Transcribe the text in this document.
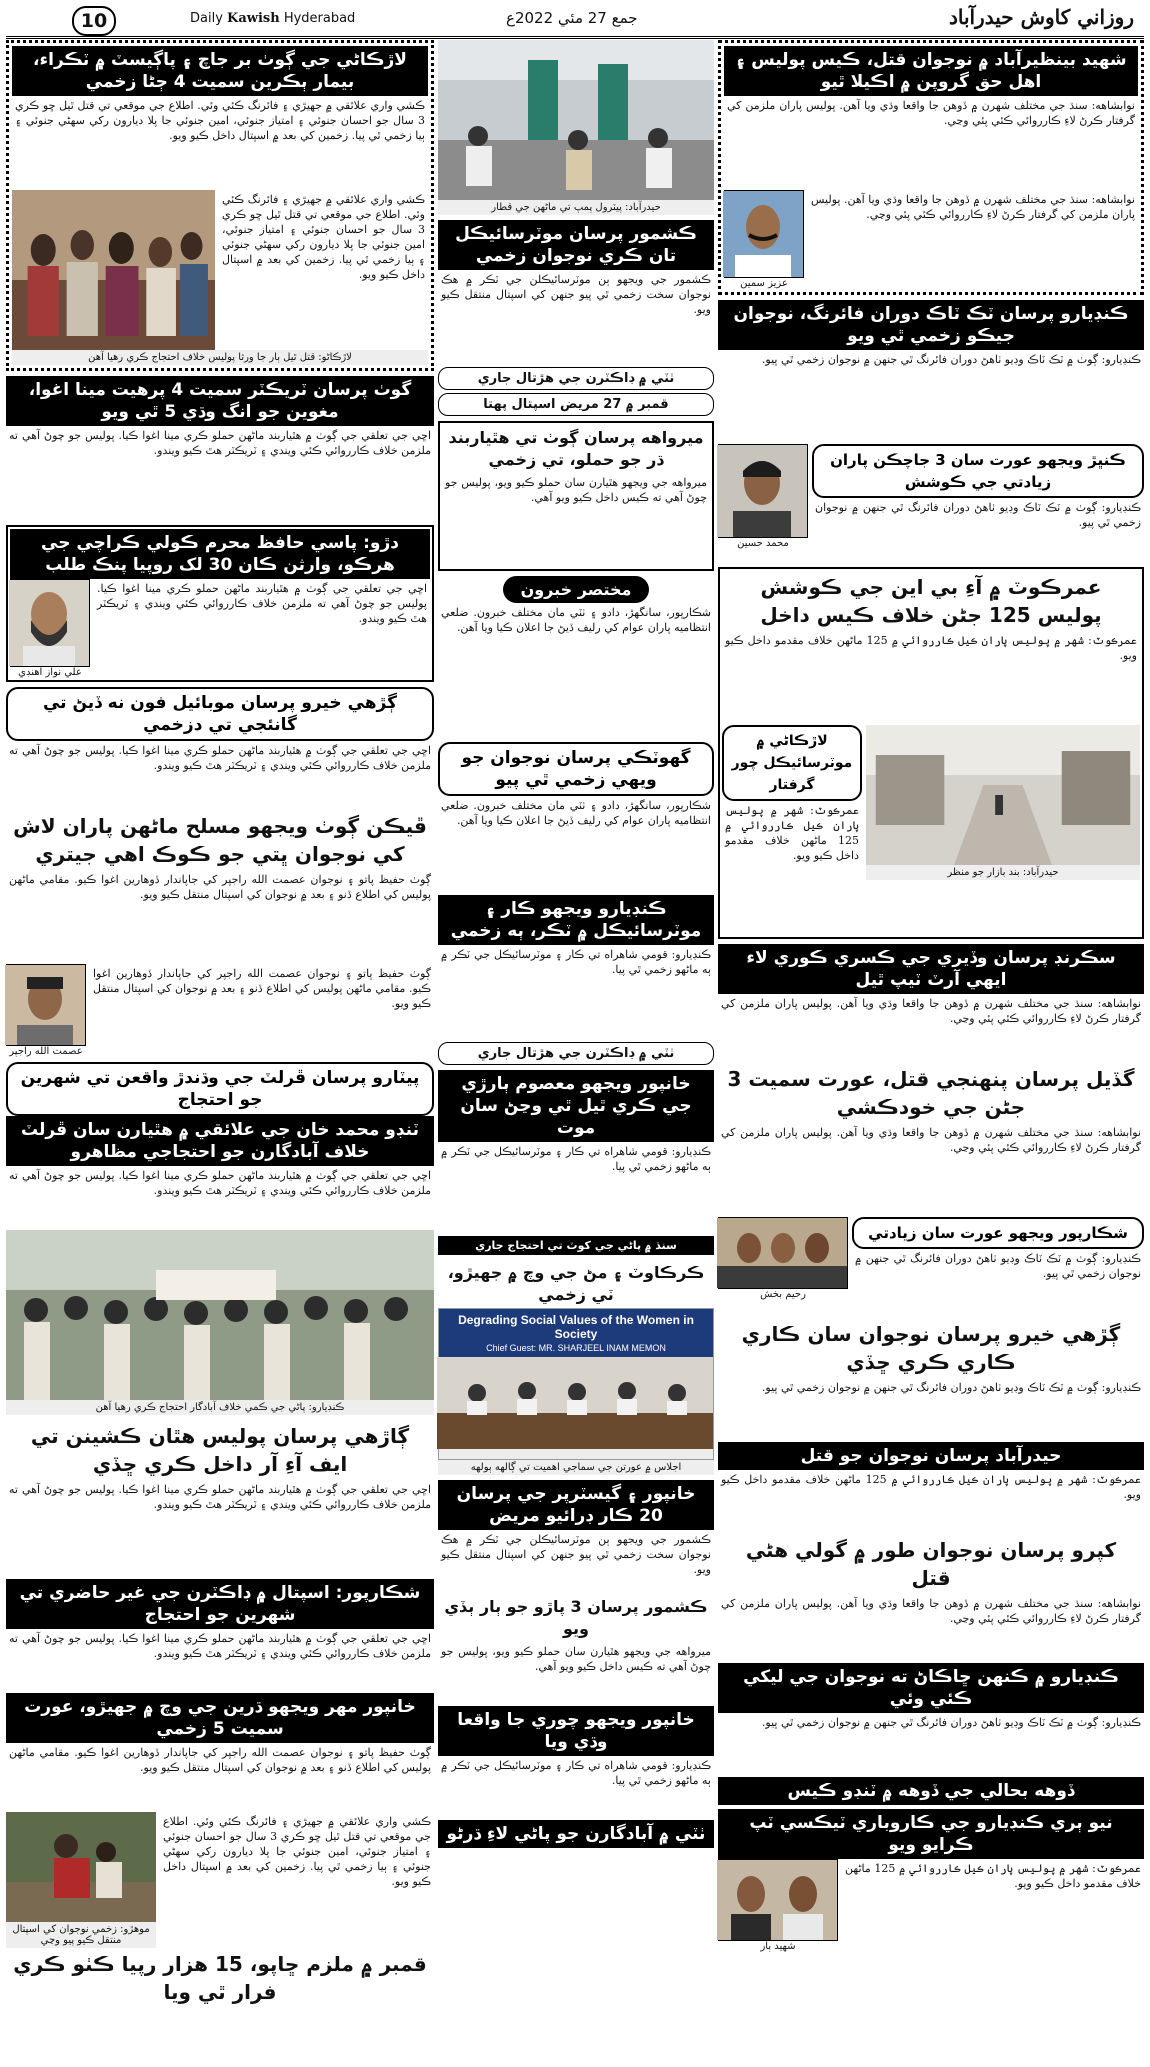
10	Daily Kawish Hyderabad	جمع 27 مئي 2022ع	روزاني كاوش حيدرآباد
لاڙڪاڻي جي ڳوٺ بر جاچ ۽ پاڳيسٽ ۾ ٽڪراء، بيمار ٻڪرين سميت 4 ڄڻا زخمي
ڪشي واري علائقي ۾ جهيڙي ۽ فائرنگ ڪئي وئي. اطلاع جي موقعي تي قتل ٿيل ڇو ڪري 3 سال جو احسان جنوئي ۽ امتياز جنوئي، امين جنوئي جا پلا ديارون رکي سهڻي جنوئي ۽ ٻيا زخمي ٿي پيا. زخمين کي بعد ۾ اسپتال داخل ڪيو ويو.
ڪشي واري علائقي ۾ جهيڙي ۽ فائرنگ ڪئي وئي. اطلاع جي موقعي تي قتل ٿيل ڇو ڪري 3 سال جو احسان جنوئي ۽ امتياز جنوئي، امين جنوئي جا پلا ديارون رکي سهڻي جنوئي ۽ ٻيا زخمي ٿي پيا. زخمين کي بعد ۾ اسپتال داخل ڪيو ويو.
لاڙڪاڻو: قتل ٿيل ٻار جا ورثا پوليس خلاف احتجاج ڪري رهيا آهن
گوٺ پرسان ٽريڪٽر سميت 4 پرهيت مينا اغوا، مغوين جو انگ وڌي 5 ٿي ويو
اڇي جي تعلقي جي ڳوٺ ۾ هٿياربند ماڻهن حملو ڪري مينا اغوا ڪيا. پوليس جو چوڻ آهي ته ملزمن خلاف ڪارروائي ڪئي ويندي ۽ ٽريڪٽر هٿ ڪيو ويندو.
دڙو: پاسي حافظ محرم ڪولي ڪراچي جي هرڪو، وارثن ڪان 30 لک روپيا پنڪ طلب
اڇي جي تعلقي جي ڳوٺ ۾ هٿياربند ماڻهن حملو ڪري مينا اغوا ڪيا. پوليس جو چوڻ آهي ته ملزمن خلاف ڪارروائي ڪئي ويندي ۽ ٽريڪٽر هٿ ڪيو ويندو.
علي نواز آهنڊي
ڳڙهي خيرو پرسان موبائيل فون نه ڏيڻ تي گانئجي تي دزخمي
اڇي جي تعلقي جي ڳوٺ ۾ هٿياربند ماڻهن حملو ڪري مينا اغوا ڪيا. پوليس جو چوڻ آهي ته ملزمن خلاف ڪارروائي ڪئي ويندي ۽ ٽريڪٽر هٿ ڪيو ويندو.
ڦيڪن ڳوٺ ويجهو مسلح ماڻهن پاران لاش کي نوجوان ڀتي جو ڪوڪ اهي جيتري
ڳوٺ حفيظ پاتو ۽ نوجوان عصمت الله راجپر کي جاپاندار ڏوهارين اغوا ڪيو. مقامي ماڻهن پوليس کي اطلاع ڏنو ۽ بعد ۾ نوجوان کي اسپتال منتقل ڪيو ويو.
ڳوٺ حفيظ پاتو ۽ نوجوان عصمت الله راجپر کي جاپاندار ڏوهارين اغوا ڪيو. مقامي ماڻهن پوليس کي اطلاع ڏنو ۽ بعد ۾ نوجوان کي اسپتال منتقل ڪيو ويو.
عصمت الله راجپر
پيٽارو پرسان ڦرلٽ جي وڌندڙ واقعن تي شهرين جو احتجاج
ٽنڊو محمد خان جي علائقي ۾ هٿيارن سان ڦرلٽ خلاف آبادگارن جو احتجاجي مظاهرو
اڇي جي تعلقي جي ڳوٺ ۾ هٿياربند ماڻهن حملو ڪري مينا اغوا ڪيا. پوليس جو چوڻ آهي ته ملزمن خلاف ڪارروائي ڪئي ويندي ۽ ٽريڪٽر هٿ ڪيو ويندو.
ڪنڊيارو: پاڻي جي ڪمي خلاف آبادگار احتجاج ڪري رهيا آهن
ڳاڙهي پرسان پوليس هٿان ڪشينن تي ايف آءِ آر داخل ڪري ڇڏي
اڇي جي تعلقي جي ڳوٺ ۾ هٿياربند ماڻهن حملو ڪري مينا اغوا ڪيا. پوليس جو چوڻ آهي ته ملزمن خلاف ڪارروائي ڪئي ويندي ۽ ٽريڪٽر هٿ ڪيو ويندو.
شڪارپور: اسپتال ۾ ڊاڪٽرن جي غير حاضري تي شهرين جو احتجاج
اڇي جي تعلقي جي ڳوٺ ۾ هٿياربند ماڻهن حملو ڪري مينا اغوا ڪيا. پوليس جو چوڻ آهي ته ملزمن خلاف ڪارروائي ڪئي ويندي ۽ ٽريڪٽر هٿ ڪيو ويندو.
خانپور مهر ويجهو ڌرين جي وچ ۾ جهيڙو، عورت سميت 5 زخمي
ڳوٺ حفيظ پاتو ۽ نوجوان عصمت الله راجپر کي جاپاندار ڏوهارين اغوا ڪيو. مقامي ماڻهن پوليس کي اطلاع ڏنو ۽ بعد ۾ نوجوان کي اسپتال منتقل ڪيو ويو.
ڪشي واري علائقي ۾ جهيڙي ۽ فائرنگ ڪئي وئي. اطلاع جي موقعي تي قتل ٿيل ڇو ڪري 3 سال جو احسان جنوئي ۽ امتياز جنوئي، امين جنوئي جا پلا ديارون رکي سهڻي جنوئي ۽ ٻيا زخمي ٿي پيا. زخمين کي بعد ۾ اسپتال داخل ڪيو ويو.
موهڙو: زخمي نوجوان کي اسپتال منتقل ڪيو پيو وڃي
قمبر ۾ ملزم ڇاپو، 15 هزار رپيا ڪٺو ڪري فرار ٿي ويا
حيدرآباد: پيٽرول پمپ تي ماڻهن جي قطار
ڪشمور پرسان موٽرسائيڪل تان ڪري نوجوان زخمي
ڪشمور جي ويجهو ٻن موٽرسائيڪلن جي ٽڪر ۾ هڪ نوجوان سخت زخمي ٿي پيو جنهن کي اسپتال منتقل ڪيو ويو.
ٺٽي ۾ ڊاڪٽرن جي هڙتال جاري
قمبر ۾ 27 مريض اسپتال پهتا
ميرواهه پرسان ڳوٺ تي هٿياربند ڌر جو حملو، تي زخمي
ميرواهه جي ويجهو هٿيارن سان حملو ڪيو ويو، پوليس جو چوڻ آهي ته ڪيس داخل ڪيو ويو آهي.
مختصر خبرون
شڪارپور، سانگهڙ، دادو ۽ ٺٽي مان مختلف خبرون. ضلعي انتظاميه پاران عوام کي رليف ڏيڻ جا اعلان ڪيا ويا آهن.
گهوٽڪي پرسان نوجوان جو ويهي زخمي ٿي پيو
شڪارپور، سانگهڙ، دادو ۽ ٺٽي مان مختلف خبرون. ضلعي انتظاميه پاران عوام کي رليف ڏيڻ جا اعلان ڪيا ويا آهن.
ڪنڊيارو ويجهو ڪار ۽ موٽرسائيڪل ۾ ٽڪر، ٻه زخمي
ڪنڊيارو: قومي شاهراه تي ڪار ۽ موٽرسائيڪل جي ٽڪر ۾ ٻه ماڻهو زخمي ٿي پيا.
ٺٽي ۾ ڊاڪٽرن جي هڙتال جاري
خانپور ويجهو معصوم ٻارڙي جي ڪري ٿيل ٿي وڃڻ سان موت
ڪنڊيارو: قومي شاهراه تي ڪار ۽ موٽرسائيڪل جي ٽڪر ۾ ٻه ماڻهو زخمي ٿي پيا.
سنڌ ۾ پاڻي جي کوٽ تي احتجاج جاري
ڪرڪاوٽ ۽ مڻ جي وچ ۾ جهيڙو، ٽي زخمي
Degrading Social Values of the Women in Society
Chief Guest: MR. SHARJEEL INAM MEMON
اجلاس ۾ عورتن جي سماجي اهميت تي ڳالهه ٻولهه
خانپور ۽ گيسٽرپر جي پرسان 20 ڪار ڊرائيو مريض
ڪشمور جي ويجهو ٻن موٽرسائيڪلن جي ٽڪر ۾ هڪ نوجوان سخت زخمي ٿي پيو جنهن کي اسپتال منتقل ڪيو ويو.
ڪشمور پرسان 3 پاڙو جو ٻار ٻڏي ويو
ميرواهه جي ويجهو هٿيارن سان حملو ڪيو ويو، پوليس جو چوڻ آهي ته ڪيس داخل ڪيو ويو آهي.
خانپور ويجهو چوري جا واقعا وڌي ويا
ڪنڊيارو: قومي شاهراه تي ڪار ۽ موٽرسائيڪل جي ٽڪر ۾ ٻه ماڻهو زخمي ٿي پيا.
ٺٽي ۾ آبادگارن جو پاڻي لاءِ ڌرڻو
شهيد بينظيرآباد ۾ نوجوان قتل، ڪيس پوليس ۽ اهل حق گروپن ۾ اڪيلا ٿيو
نوابشاهه: سنڌ جي مختلف شهرن ۾ ڏوهن جا واقعا وڌي ويا آهن. پوليس پاران ملزمن کي گرفتار ڪرڻ لاءِ ڪارروائي ڪئي پئي وڃي.
نوابشاهه: سنڌ جي مختلف شهرن ۾ ڏوهن جا واقعا وڌي ويا آهن. پوليس پاران ملزمن کي گرفتار ڪرڻ لاءِ ڪارروائي ڪئي پئي وڃي.
عزيز سمين
ڪنڊيارو پرسان ٽڪ ٽاڪ دوران فائرنگ، نوجوان جيڪو زخمي ٿي ويو
ڪنڊيارو: ڳوٺ ۾ ٽڪ ٽاڪ وڊيو ٺاهڻ دوران فائرنگ ٿي جنهن ۾ نوجوان زخمي ٿي پيو.
ڪنڀڙ ويجهو عورت سان 3 جاچڪن پاران زيادتي جي ڪوشش
ڪنڊيارو: ڳوٺ ۾ ٽڪ ٽاڪ وڊيو ٺاهڻ دوران فائرنگ ٿي جنهن ۾ نوجوان زخمي ٿي پيو.
محمد حسين
عمرڪوٽ ۾ آءِ بي اين جي ڪوشش پوليس 125 جڻن خلاف ڪيس داخل
عمرڪوٽ: شهر ۾ پوليس پاران ڪيل ڪارروائي ۾ 125 ماڻهن خلاف مقدمو داخل ڪيو ويو.
حيدرآباد: بند بازار جو منظر
لاڙڪاڻي ۾ موٽرسائيڪل چور گرفتار
عمرڪوٽ: شهر ۾ پوليس پاران ڪيل ڪارروائي ۾ 125 ماڻهن خلاف مقدمو داخل ڪيو ويو.
سڪرنڊ پرسان وڏيري جي ڪسري ڪوري لاء ايهي آرٽ ٽيپ ٿيل
نوابشاهه: سنڌ جي مختلف شهرن ۾ ڏوهن جا واقعا وڌي ويا آهن. پوليس پاران ملزمن کي گرفتار ڪرڻ لاءِ ڪارروائي ڪئي پئي وڃي.
گڏيل پرسان پنهنجي قتل، عورت سميت 3 جڻن جي خودڪشي
نوابشاهه: سنڌ جي مختلف شهرن ۾ ڏوهن جا واقعا وڌي ويا آهن. پوليس پاران ملزمن کي گرفتار ڪرڻ لاءِ ڪارروائي ڪئي پئي وڃي.
شڪارپور ويجهو عورت سان زيادتي
ڪنڊيارو: ڳوٺ ۾ ٽڪ ٽاڪ وڊيو ٺاهڻ دوران فائرنگ ٿي جنهن ۾ نوجوان زخمي ٿي پيو.
رحيم بخش
ڳڙهي خيرو پرسان نوجوان سان ڪاري ڪاري ڪري ڇڏي
ڪنڊيارو: ڳوٺ ۾ ٽڪ ٽاڪ وڊيو ٺاهڻ دوران فائرنگ ٿي جنهن ۾ نوجوان زخمي ٿي پيو.
حيدرآباد پرسان نوجوان جو قتل
عمرڪوٽ: شهر ۾ پوليس پاران ڪيل ڪارروائي ۾ 125 ماڻهن خلاف مقدمو داخل ڪيو ويو.
کپرو پرسان نوجوان طور ۾ گولي هڻي قتل
نوابشاهه: سنڌ جي مختلف شهرن ۾ ڏوهن جا واقعا وڌي ويا آهن. پوليس پاران ملزمن کي گرفتار ڪرڻ لاءِ ڪارروائي ڪئي پئي وڃي.
ڪنڊيارو ۾ ڪنهن ڇاڪاڻ ته نوجوان جي ليکي ڪئي وئي
ڪنڊيارو: ڳوٺ ۾ ٽڪ ٽاڪ وڊيو ٺاهڻ دوران فائرنگ ٿي جنهن ۾ نوجوان زخمي ٿي پيو.
ڏوهه بحالي جي ڏوهه ۾ ٽنڊو ڪيس
نيو ٻري ڪنڊيارو جي ڪاروباري ٽيڪسي ٽپ ڪرايو ويو
عمرڪوٽ: شهر ۾ پوليس پاران ڪيل ڪارروائي ۾ 125 ماڻهن خلاف مقدمو داخل ڪيو ويو.
شهيد ٻار
